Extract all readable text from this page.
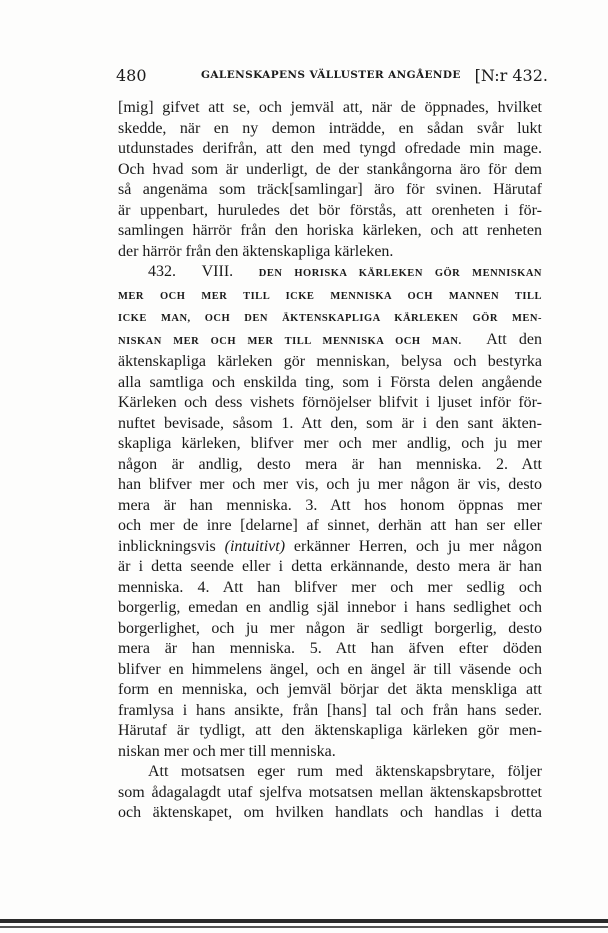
480	GALENSKAPENS VÄLLUSTER ANGÅENDE [N:r 432.
[mig] gifvet att se, och jemväl att, när de öppnades, hvilket
skedde, när en ny demon inträdde, en sådan svår lukt
utdunstades derifrån, att den med tyngd ofredade min mage.
Och hvad som är underligt, de der stankångorna äro för dem
så angenäma som träck[samlingar] äro för svinen. Härutaf
är uppenbart, huruledes det bör förstås, att orenheten i för-
samlingen härrör från den horiska kärleken, och att renheten
der härrör från den äktenskapliga kärleken.
432. VIII. DEN HORISKA KÄRLEKEN GÖR MENNISKAN
MER OCH MER TILL ICKE MENNISKA OCH MANNEN TILL
ICKE MAN, OCH DEN ÄKTENSKAPLIGA KÄRLEKEN GÖR MEN-
NISKAN MER OCH MER TILL MENNISKA OCH MAN. Att den
äktenskapliga kärleken gör menniskan, belysa och bestyrka
alla samtliga och enskilda ting, som i Första delen angående
Kärleken och dess vishets förnöjelser blifvit i ljuset inför för-
nuftet bevisade, såsom 1. Att den, som är i den sant äkten-
skapliga kärleken, blifver mer och mer andlig, och ju mer
någon är andlig, desto mera är han menniska. 2. Att
han blifver mer och mer vis, och ju mer någon är vis, desto
mera är han menniska. 3. Att hos honom öppnas mer
och mer de inre [delarne] af sinnet, derhän att han ser eller
inblickningsvis (intuitivt) erkänner Herren, och ju mer någon
är i detta seende eller i detta erkännande, desto mera är han
menniska. 4. Att han blifver mer och mer sedlig och
borgerlig, emedan en andlig själ innebor i hans sedlighet och
borgerlighet, och ju mer någon är sedligt borgerlig, desto
mera är han menniska. 5. Att han äfven efter döden
blifver en himmelens ängel, och en ängel är till väsende och
form en menniska, och jemväl börjar det äkta menskliga att
framlysa i hans ansikte, från [hans] tal och från hans seder.
Härutaf är tydligt, att den äktenskapliga kärleken gör men-
niskan mer och mer till menniska.
Att motsatsen eger rum med äktenskapsbrytare, följer
som ådagalagdt utaf sjelfva motsatsen mellan äktenskapsbrottet
och äktenskapet, om hvilken handlats och handlas i detta
